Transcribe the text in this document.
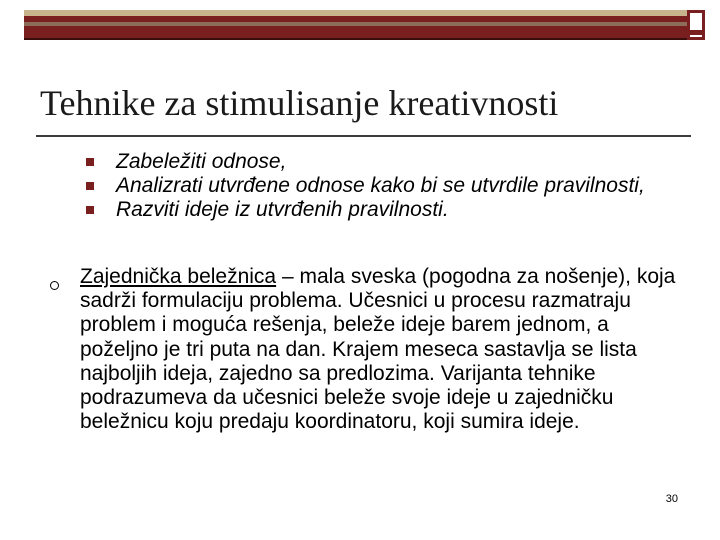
Tehnike za stimulisanje kreativnosti
Zabeležiti odnose,
Analizrati utvrđene odnose kako bi se utvrdile pravilnosti,
Razviti ideje iz utvrđenih pravilnosti.
Zajednička beležnica – mala sveska (pogodna za nošenje), koja sadrži formulaciju problema. Učesnici u procesu razmatraju problem i moguća rešenja, beleže ideje barem jednom, a poželjno je tri puta na dan. Krajem meseca sastavlja se lista najboljih ideja, zajedno sa predlozima. Varijanta tehnike podrazumeva da učesnici beleže svoje ideje u zajedničku beležnicu koju predaju koordinatoru, koji sumira ideje.
30
